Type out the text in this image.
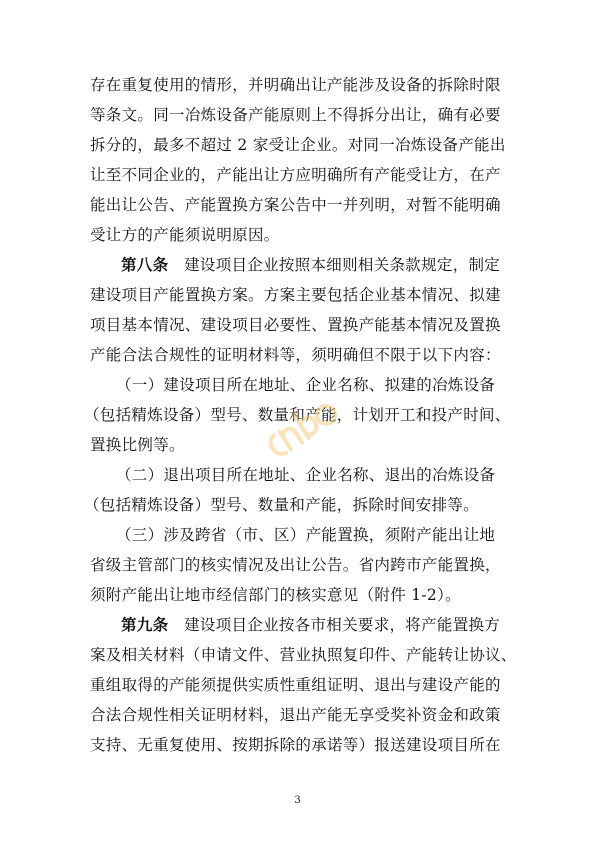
存在重复使用的情形，并明确出让产能涉及设备的拆除时限
等条文。同一冶炼设备产能原则上不得拆分出让，确有必要
拆分的，最多不超过 2 家受让企业。对同一冶炼设备产能出
让至不同企业的，产能出让方应明确所有产能受让方，在产
能出让公告、产能置换方案公告中一并列明，对暂不能明确
受让方的产能须说明原因。
第八条 建设项目企业按照本细则相关条款规定，制定
建设项目产能置换方案。方案主要包括企业基本情况、拟建
项目基本情况、建设项目必要性、置换产能基本情况及置换
产能合法合规性的证明材料等，须明确但不限于以下内容：
（一）建设项目所在地址、企业名称、拟建的冶炼设备
（包括精炼设备）型号、数量和产能，计划开工和投产时间、
置换比例等。
（二）退出项目所在地址、企业名称、退出的冶炼设备
（包括精炼设备）型号、数量和产能，拆除时间安排等。
（三）涉及跨省（市、区）产能置换，须附产能出让地
省级主管部门的核实情况及出让公告。省内跨市产能置换，
须附产能出让地市经信部门的核实意见（附件 1-2）。
第九条 建设项目企业按各市相关要求，将产能置换方
案及相关材料（申请文件、营业执照复印件、产能转让协议、
重组取得的产能须提供实质性重组证明、退出与建设产能的
合法合规性相关证明材料，退出产能无享受奖补资金和政策
支持、无重复使用、按期拆除的承诺等）报送建设项目所在
3
